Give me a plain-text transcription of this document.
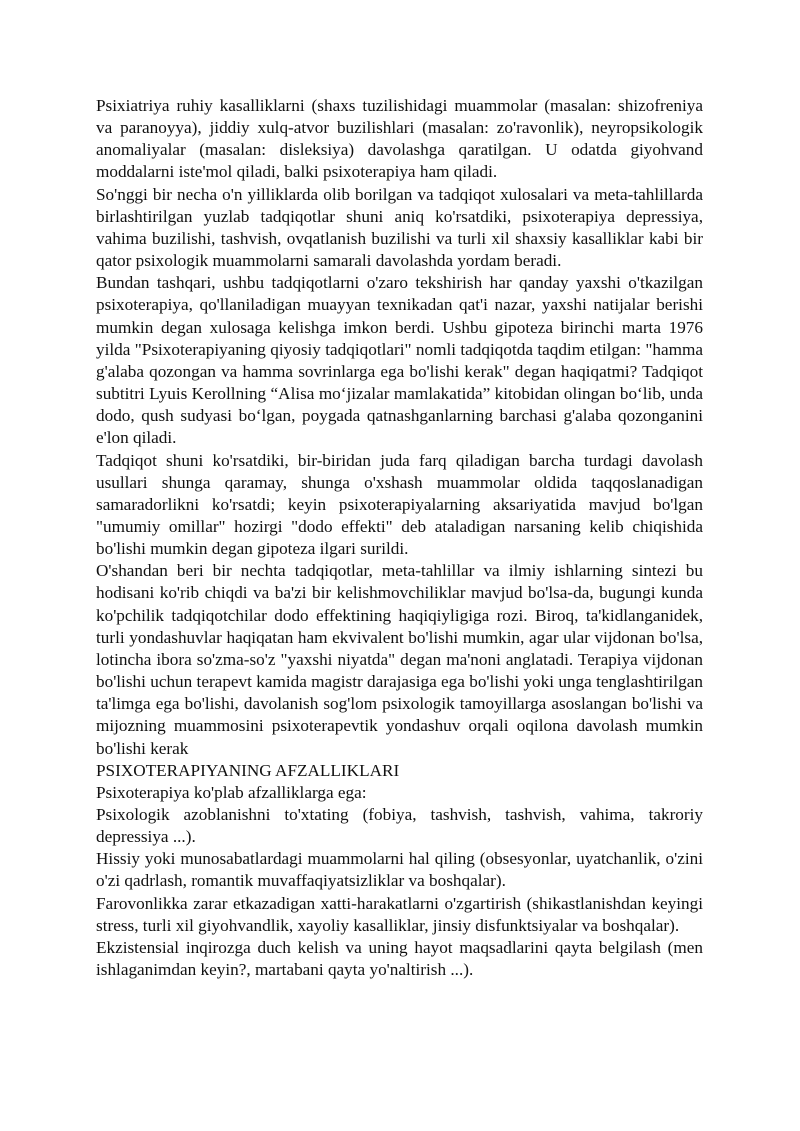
Psixiatriya ruhiy kasalliklarni (shaxs tuzilishidagi muammolar (masalan: shizofreniya va paranoyya), jiddiy xulq-atvor buzilishlari (masalan: zo'ravonlik), neyropsikologik anomaliyalar (masalan: disleksiya) davolashga qaratilgan. U odatda giyohvand moddalarni iste'mol qiladi, balki psixoterapiya ham qiladi.

So'nggi bir necha o'n yilliklarda olib borilgan va tadqiqot xulosalari va meta-tahlillarda birlashtirilgan yuzlab tadqiqotlar shuni aniq ko'rsatdiki, psixoterapiya depressiya, vahima buzilishi, tashvish, ovqatlanish buzilishi va turli xil shaxsiy kasalliklar kabi bir qator psixologik muammolarni samarali davolashda yordam beradi.

Bundan tashqari, ushbu tadqiqotlarni o'zaro tekshirish har qanday yaxshi o'tkazilgan psixoterapiya, qo'llaniladigan muayyan texnikadan qat'i nazar, yaxshi natijalar berishi mumkin degan xulosaga kelishga imkon berdi. Ushbu gipoteza birinchi marta 1976 yilda "Psixoterapiyaning qiyosiy tadqiqotlari" nomli tadqiqotda taqdim etilgan: "hamma g'alaba qozongan va hamma sovrinlarga ega bo'lishi kerak" degan haqiqatmi? Tadqiqot subtitri Lyuis Kerollning “Alisa mo‘jizalar mamlakatida” kitobidan olingan bo‘lib, unda dodo, qush sudyasi bo‘lgan, poygada qatnashganlarning barchasi g'alaba qozonganini e'lon qiladi.

Tadqiqot shuni ko'rsatdiki, bir-biridan juda farq qiladigan barcha turdagi davolash usullari shunga qaramay, shunga o'xshash muammolar oldida taqqoslanadigan samaradorlikni ko'rsatdi; keyin psixoterapiyalarning aksariyatida mavjud bo'lgan "umumiy omillar" hozirgi "dodo effekti" deb ataladigan narsaning kelib chiqishida bo'lishi mumkin degan gipoteza ilgari surildi.

O'shandan beri bir nechta tadqiqotlar, meta-tahlillar va ilmiy ishlarning sintezi bu hodisani ko'rib chiqdi va ba'zi bir kelishmovchiliklar mavjud bo'lsa-da, bugungi kunda ko'pchilik tadqiqotchilar dodo effektining haqiqiyligiga rozi. Biroq, ta'kidlanganidek, turli yondashuvlar haqiqatan ham ekvivalent bo'lishi mumkin, agar ular vijdonan bo'lsa, lotincha ibora so'zma-so'z "yaxshi niyatda" degan ma'noni anglatadi. Terapiya vijdonan bo'lishi uchun terapevt kamida magistr darajasiga ega bo'lishi yoki unga tenglashtirilgan ta'limga ega bo'lishi, davolanish sog'lom psixologik tamoyillarga asoslangan bo'lishi va mijozning muammosini psixoterapevtik yondashuv orqali oqilona davolash mumkin bo'lishi kerak

PSIXOTERAPIYANING AFZALLIKLARI

Psixoterapiya ko'plab afzalliklarga ega:

Psixologik azoblanishni to'xtating (fobiya, tashvish, tashvish, vahima, takroriy depressiya ...).

Hissiy yoki munosabatlardagi muammolarni hal qiling (obsesyonlar, uyatchanlik, o'zini o'zi qadrlash, romantik muvaffaqiyatsizliklar va boshqalar).

Farovonlikka zarar etkazadigan xatti-harakatlarni o'zgartirish (shikastlanishdan keyingi stress, turli xil giyohvandlik, xayoliy kasalliklar, jinsiy disfunktsiyalar va boshqalar).

Ekzistensial inqirozga duch kelish va uning hayot maqsadlarini qayta belgilash (men ishlaganimdan keyin?, martabani qayta yo'naltirish ...).
